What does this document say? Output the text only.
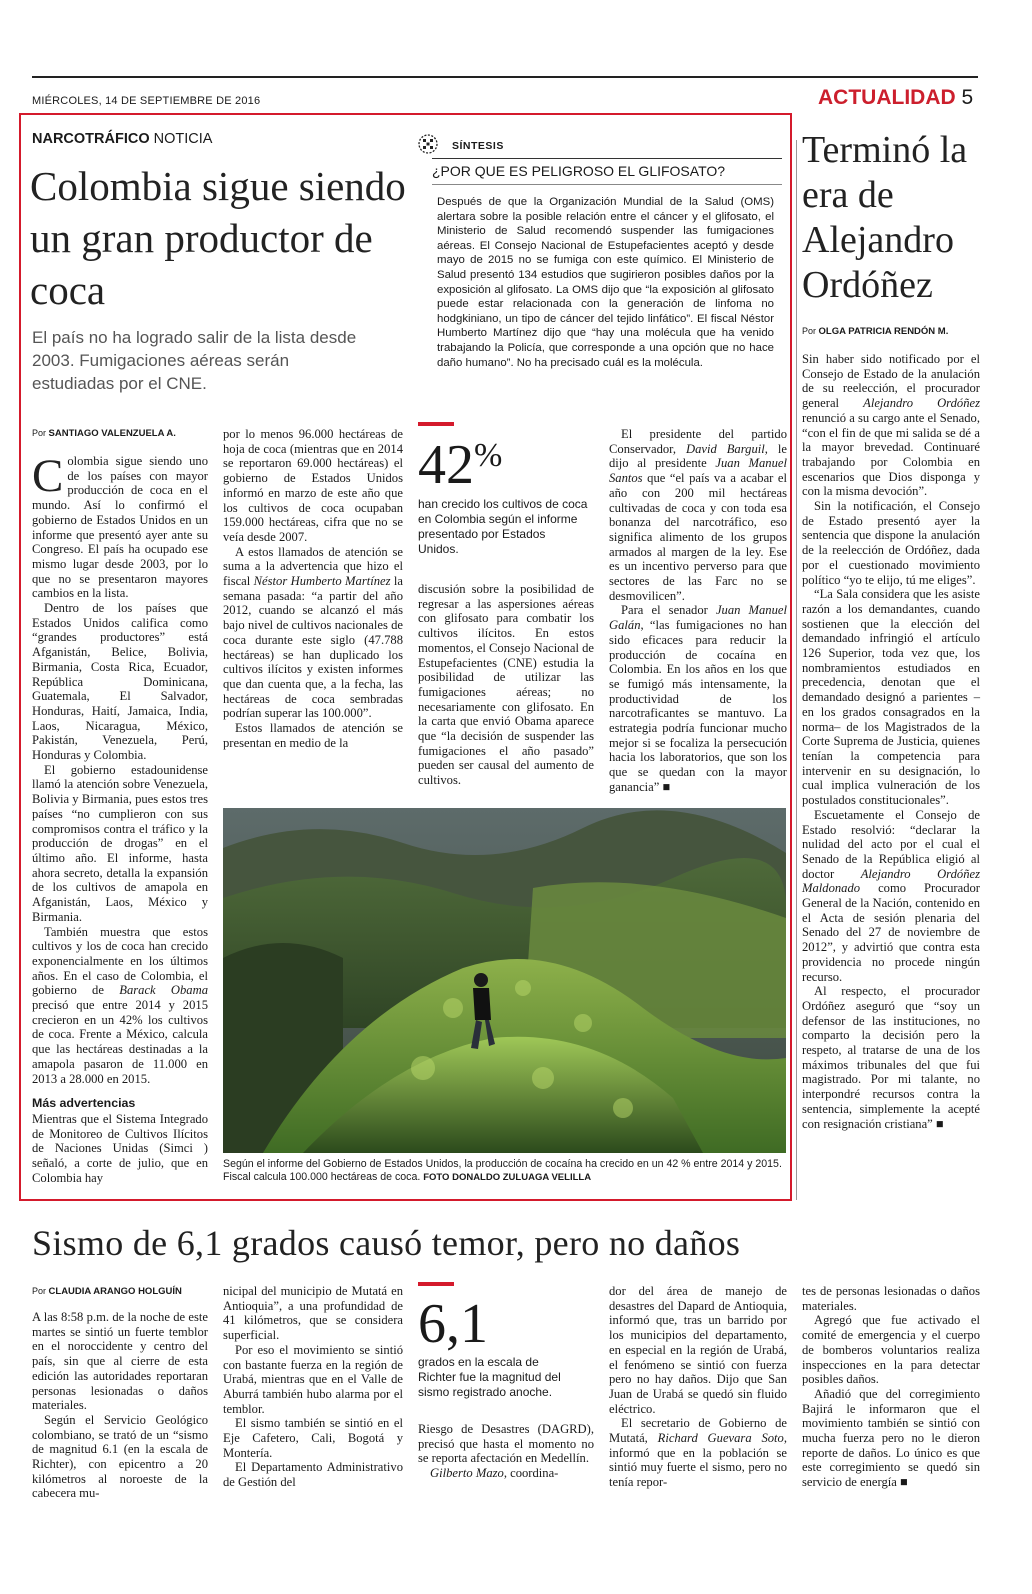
MIÉRCOLES, 14 DE SEPTIEMBRE DE 2016	ACTUALIDAD 5
NARCOTRÁFICO NOTICIA
Colombia sigue siendo un gran productor de coca
El país no ha logrado salir de la lista desde 2003. Fumigaciones aéreas serán estudiadas por el CNE.
SÍNTESIS
¿POR QUE ES PELIGROSO EL GLIFOSATO?
Después de que la Organización Mundial de la Salud (OMS) alertara sobre la posible relación entre el cáncer y el glifosato, el Ministerio de Salud recomendó suspender las fumigaciones aéreas. El Consejo Nacional de Estupefacientes aceptó y desde mayo de 2015 no se fumiga con este químico. El Ministerio de Salud presentó 134 estudios que sugirieron posibles daños por la exposición al glifosato. La OMS dijo que “la exposición al glifosato puede estar relacionada con la generación de linfoma no hodgkiniano, un tipo de cáncer del tejido linfático”. El fiscal Néstor Humberto Martínez dijo que “hay una molécula que ha venido trabajando la Policía, que corresponde a una opción que no hace daño humano”. No ha precisado cuál es la molécula.
Por SANTIAGO VALENZUELA A.

Colombia sigue siendo uno de los países con mayor producción de coca en el mundo. Así lo confirmó el gobierno de Estados Unidos en un informe que presentó ayer ante su Congreso. El país ha ocupado ese mismo lugar desde 2003, por lo que no se presentaron mayores cambios en la lista.

Dentro de los países que Estados Unidos califica como “grandes productores” está Afganistán, Belice, Bolivia, Birmania, Costa Rica, Ecuador, República Dominicana, Guatemala, El Salvador, Honduras, Haití, Jamaica, India, Laos, Nicaragua, México, Pakistán, Venezuela, Perú, Honduras y Colombia.

El gobierno estadounidense llamó la atención sobre Venezuela, Bolivia y Birmania, pues estos tres países “no cumplieron con sus compromisos contra el tráfico y la producción de drogas” en el último año. El informe, hasta ahora secreto, detalla la expansión de los cultivos de amapola en Afganistán, Laos, México y Birmania.

También muestra que estos cultivos y los de coca han crecido exponencialmente en los últimos años. En el caso de Colombia, el gobierno de Barack Obama precisó que entre 2014 y 2015 crecieron en un 42% los cultivos de coca. Frente a México, calcula que las hectáreas destinadas a la amapola pasaron de 11.000 en 2013 a 28.000 en 2015.

Más advertencias

Mientras que el Sistema Integrado de Monitoreo de Cultivos Ilícitos de Naciones Unidas (Simci ) señaló, a corte de julio, que en Colombia hay

por lo menos 96.000 hectáreas de hoja de coca (mientras que en 2014 se reportaron 69.000 hectáreas) el gobierno de Estados Unidos informó en marzo de este año que los cultivos de coca ocupaban 159.000 hectáreas, cifra que no se veía desde 2007.

A estos llamados de atención se suma a la advertencia que hizo el fiscal Néstor Humberto Martínez la semana pasada: “a partir del año 2012, cuando se alcanzó el más bajo nivel de cultivos nacionales de coca durante este siglo (47.788 hectáreas) se han duplicado los cultivos ilícitos y existen informes que dan cuenta que, a la fecha, las hectáreas de coca sembradas podrían superar las 100.000”.

Estos llamados de atención se presentan en medio de la

42%
han crecido los cultivos de coca en Colombia según el informe presentado por Estados Unidos.

discusión sobre la posibilidad de regresar a las aspersiones aéreas con glifosato para combatir los cultivos ilícitos. En estos momentos, el Consejo Nacional de Estupefacientes (CNE) estudia la posibilidad de utilizar las fumigaciones aéreas; no necesariamente con glifosato. En la carta que envió Obama aparece que “la decisión de suspender las fumigaciones el año pasado” pueden ser causal del aumento de cultivos.

El presidente del partido Conservador, David Barguil, le dijo al presidente Juan Manuel Santos que “el país va a acabar el año con 200 mil hectáreas cultivadas de coca y con toda esa bonanza del narcotráfico, eso significa alimento de los grupos armados al margen de la ley. Ese es un incentivo perverso para que sectores de las Farc no se desmovilicen”.

Para el senador Juan Manuel Galán, “las fumigaciones no han sido eficaces para reducir la producción de cocaína en Colombia. En los años en los que se fumigó más intensamente, la productividad de los narcotraficantes se mantuvo. La estrategia podría funcionar mucho mejor si se focaliza la persecución hacia los laboratorios, que son los que se quedan con la mayor ganancia” ■

Según el informe del Gobierno de Estados Unidos, la producción de cocaína ha crecido en un 42 % entre 2014 y 2015. Fiscal calcula 100.000 hectáreas de coca. FOTO DONALDO ZULUAGA VELILLA
Terminó la era de Alejandro Ordóñez
Por OLGA PATRICIA RENDÓN M.

Sin haber sido notificado por el Consejo de Estado de la anulación de su reelección, el procurador general Alejandro Ordóñez renunció a su cargo ante el Senado, “con el fin de que mi salida se dé a la mayor brevedad. Continuaré trabajando por Colombia en escenarios que Dios disponga y con la misma devoción”.

Sin la notificación, el Consejo de Estado presentó ayer la sentencia que dispone la anulación de la reelección de Ordóñez, dada por el cuestionado movimiento político “yo te elijo, tú me eliges”.

“La Sala considera que les asiste razón a los demandantes, cuando sostienen que la elección del demandado infringió el artículo 126 Superior, toda vez que, los nombramientos estudiados en precedencia, denotan que el demandado designó a parientes –en los grados consagrados en la norma– de los Magistrados de la Corte Suprema de Justicia, quienes tenían la competencia para intervenir en su designación, lo cual implica vulneración de los postulados constitucionales”.

Escuetamente el Consejo de Estado resolvió: “declarar la nulidad del acto por el cual el Senado de la República eligió al doctor Alejandro Ordóñez Maldonado como Procurador General de la Nación, contenido en el Acta de sesión plenaria del Senado del 27 de noviembre de 2012”, y advirtió que contra esta providencia no procede ningún recurso.

Al respecto, el procurador Ordóñez aseguró que “soy un defensor de las instituciones, no comparto la decisión pero la respeto, al tratarse de una de los máximos tribunales del que fui magistrado. Por mi talante, no interpondré recursos contra la sentencia, simplemente la acepté con resignación cristiana” ■

Sismo de 6,1 grados causó temor, pero no daños
Por CLAUDIA ARANGO HOLGUÍN

A las 8:58 p.m. de la noche de este martes se sintió un fuerte temblor en el noroccidente y centro del país, sin que al cierre de esta edición las autoridades reportaran personas lesionadas o daños materiales.

Según el Servicio Geológico colombiano, se trató de un “sismo de magnitud 6.1 (en la escala de Richter), con epicentro a 20 kilómetros al noroeste de la cabecera mu-

nicipal del municipio de Mutatá en Antioquia”, a una profundidad de 41 kilómetros, que se considera superficial.

Por eso el movimiento se sintió con bastante fuerza en la región de Urabá, mientras que en el Valle de Aburrá también hubo alarma por el temblor.

El sismo también se sintió en el Eje Cafetero, Cali, Bogotá y Montería.

El Departamento Administrativo de Gestión del

6,1
grados en la escala de Richter fue la magnitud del sismo registrado anoche.

Riesgo de Desastres (DAGRD), precisó que hasta el momento no se reporta afectación en Medellín.

Gilberto Mazo, coordina-

dor del área de manejo de desastres del Dapard de Antioquia, informó que, tras un barrido por los municipios del departamento, en especial en la región de Urabá, el fenómeno se sintió con fuerza pero no hay daños. Dijo que San Juan de Urabá se quedó sin fluido eléctrico.

El secretario de Gobierno de Mutatá, Richard Guevara Soto, informó que en la población se sintió muy fuerte el sismo, pero no tenía repor-

tes de personas lesionadas o daños materiales.

Agregó que fue activado el comité de emergencia y el cuerpo de bomberos voluntarios realiza inspecciones en la para detectar posibles daños.

Añadió que del corregimiento Bajirá le informaron que el movimiento también se sintió con mucha fuerza pero no le dieron reporte de daños. Lo único es que este corregimiento se quedó sin servicio de energía ■
